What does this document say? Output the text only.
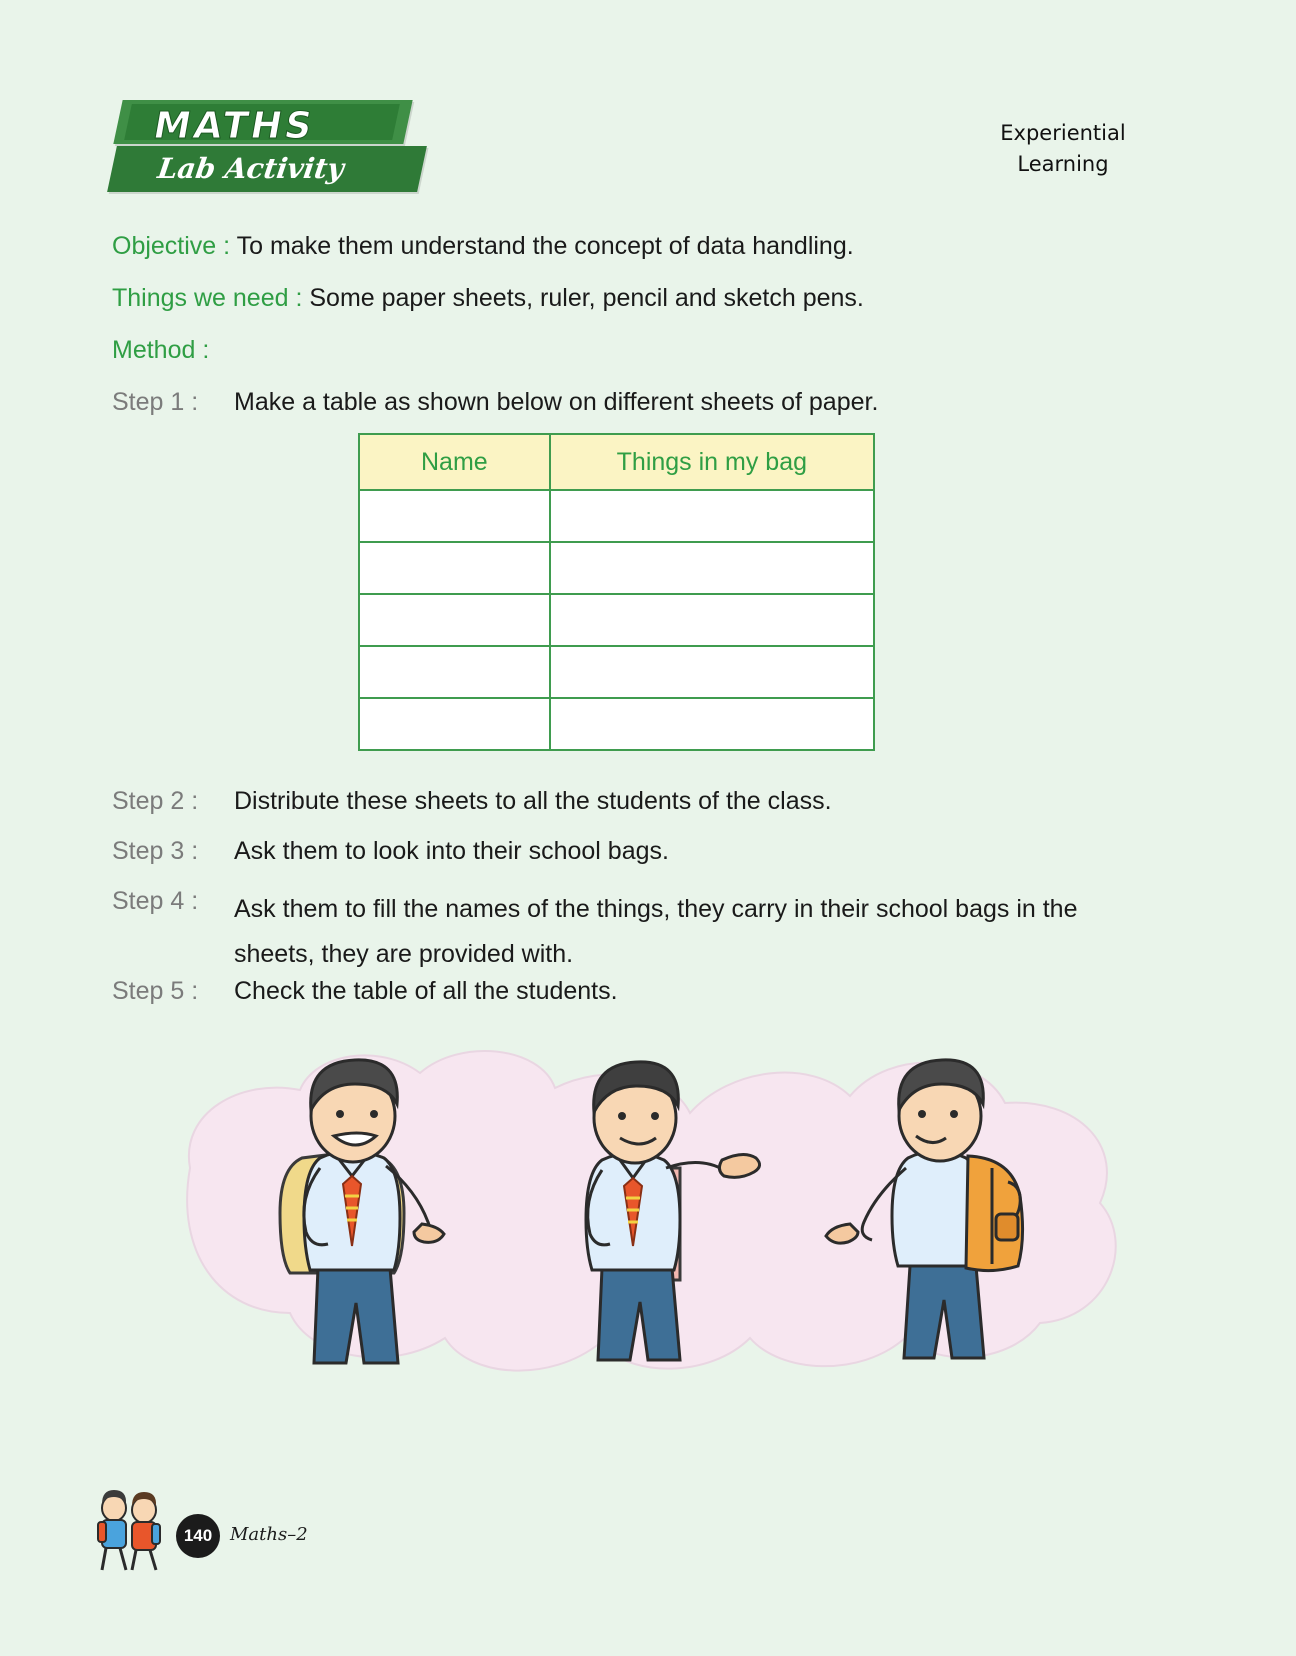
MATHS
Lab Activity
Experiential
Learning
Objective : To make them understand the concept of data handling.
Things we need : Some paper sheets, ruler, pencil and sketch pens.
Method :
Step 1 : Make a table as shown below on different sheets of paper.
Name	Things in my bag

Step 2 : Distribute these sheets to all the students of the class.
Step 3 : Ask them to look into their school bags.
Step 4 : Ask them to fill the names of the things, they carry in their school bags in the sheets, they are provided with.
Step 5 : Check the table of all the students.
140 Maths–2
